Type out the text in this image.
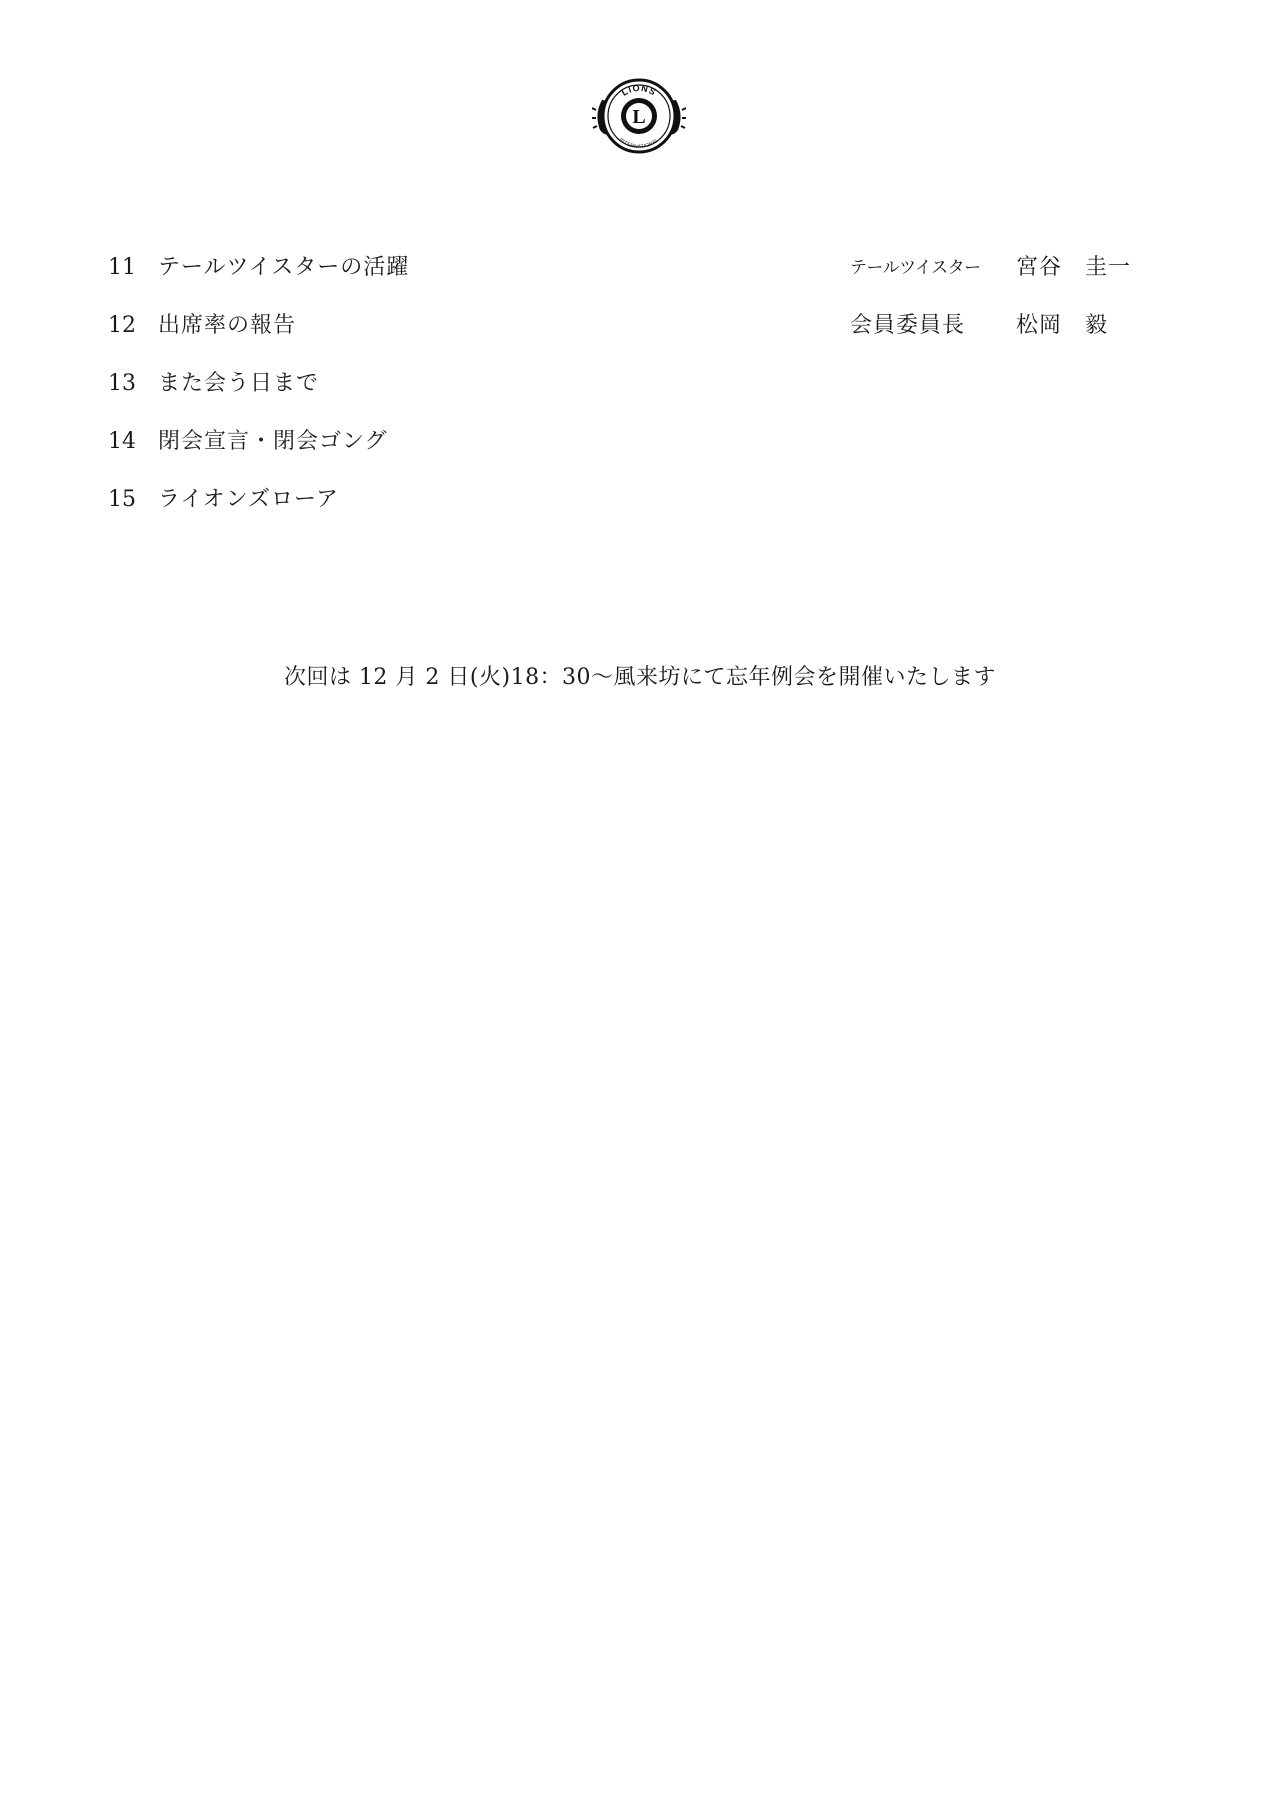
LIONS
INTERNATIONAL
L
11	テールツイスターの活躍	テールツイスター 宮谷　圭一
12	出席率の報告	会員委員長 松岡　毅
13	また会う日まで
14	閉会宣言・閉会ゴング
15	ライオンズローア
次回は 12 月 2 日(火)18：30～風来坊にて忘年例会を開催いたします
